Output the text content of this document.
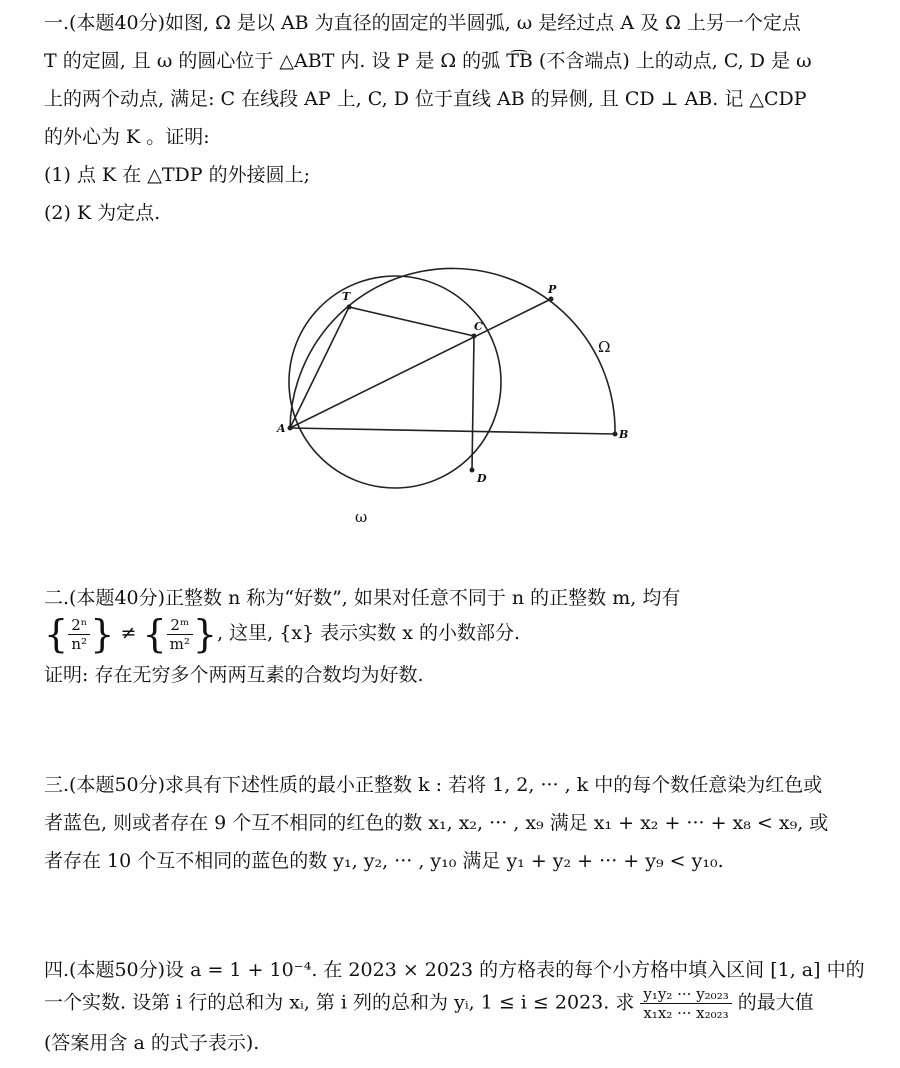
一.(本题40分)如图, Ω 是以 AB 为直径的固定的半圆弧, ω 是经过点 A 及 Ω 上另一个定点
T 的定圆, 且 ω 的圆心位于 △ABT 内. 设 P 是 Ω 的弧 T͡B (不含端点) 上的动点, C, D 是 ω
上的两个动点, 满足: C 在线段 AP 上, C, D 位于直线 AB 的异侧, 且 CD ⊥ AB. 记 △CDP
的外心为 K 。证明:
(1) 点 K 在 △TDP 的外接圆上;
(2) K 为定点.
T
P
C
A	B
D
Ω
ω
二.(本题40分)正整数 n 称为“好数”, 如果对任意不同于 n 的正整数 m, 均有
{ $\frac{\text{2ⁿ}}{\text{n²}}$ } ≠ { $\frac{\text{2ᵐ}}{\text{m²}}$ }, 这里, {x} 表示实数 x 的小数部分.
证明: 存在无穷多个两两互素的合数均为好数.
三.(本题50分)求具有下述性质的最小正整数 k : 若将 1, 2, ··· , k 中的每个数任意染为红色或
者蓝色, 则或者存在 9 个互不相同的红色的数 x₁, x₂, ··· , x₉ 满足 x₁ + x₂ + ··· + x₈ < x₉, 或
者存在 10 个互不相同的蓝色的数 y₁, y₂, ··· , y₁₀ 满足 y₁ + y₂ + ··· + y₉ < y₁₀.
四.(本题50分)设 a = 1 + 10⁻⁴. 在 2023 × 2023 的方格表的每个小方格中填入区间 [1, a] 中的
一个实数. 设第 i 行的总和为 xᵢ, 第 i 列的总和为 yᵢ, 1 ≤ i ≤ 2023. 求 $\frac{\text{y₁y₂ ··· y₂₀₂₃}}{\text{x₁x₂ ··· x₂₀₂₃}}$ 的最大值
(答案用含 a 的式子表示).
